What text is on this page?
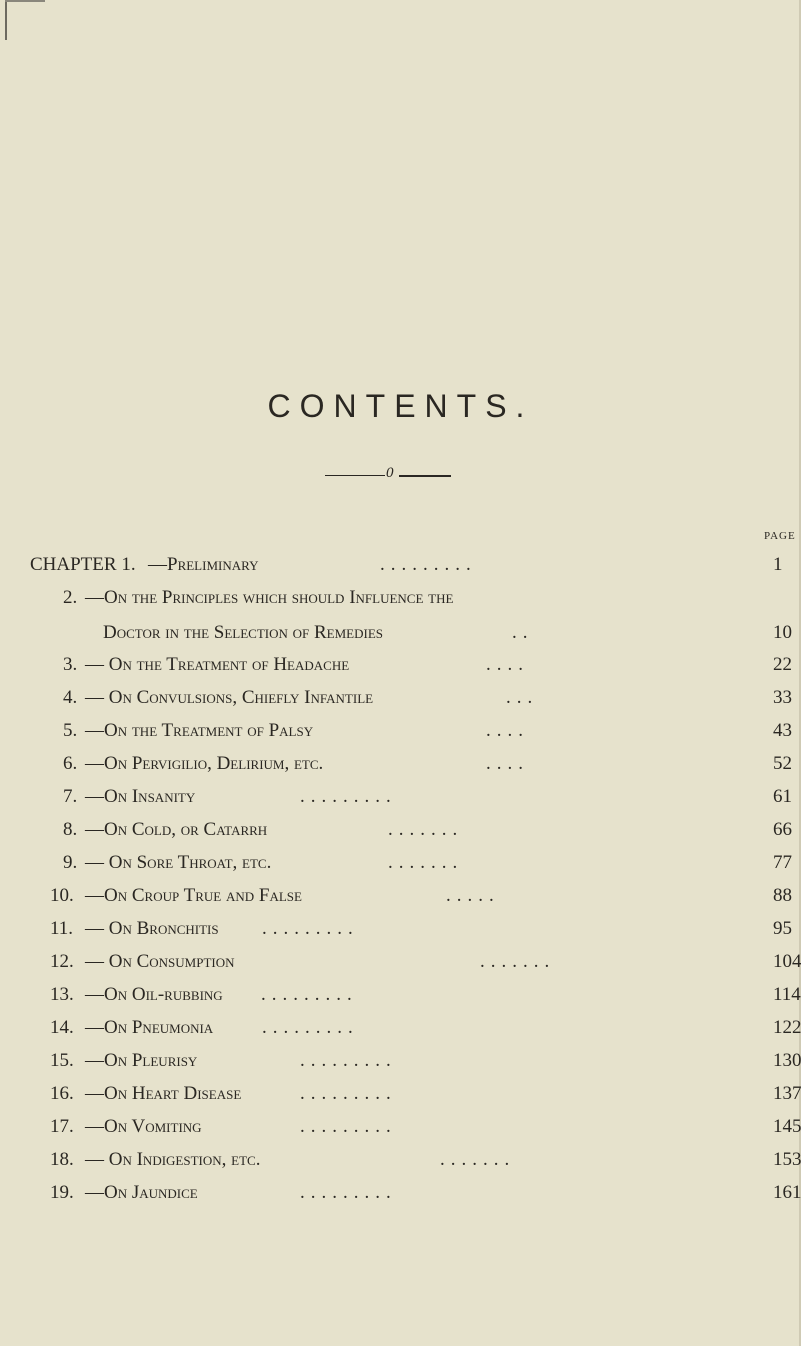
CONTENTS.
0
PAGE
CHAPTER 1. —Preliminary	.........	1
2. —On the Principles which should Influence the
Doctor in the Selection of Remedies	..	10
3. — On the Treatment of Headache	....	22
4. — On Convulsions, Chiefly Infantile	...	33
5. —On the Treatment of Palsy	....	43
6. —On Pervigilio, Delirium, etc.	....	52
7. —On Insanity	.........	61
8. —On Cold, or Catarrh	.......	66
9. — On Sore Throat, etc.	.......	77
10. —On Croup True and False	.....	88
11. — On Bronchitis .........	95
12. — On Consumption	.......	104
13. —On Oil-rubbing .........	114
14. —On Pneumonia	.........	122
15. —On Pleurisy	.........	130
16. —On Heart Disease	.........	137
17. —On Vomiting	.........	145
18. — On Indigestion, etc.	.......	153
19. —On Jaundice	.........	161
